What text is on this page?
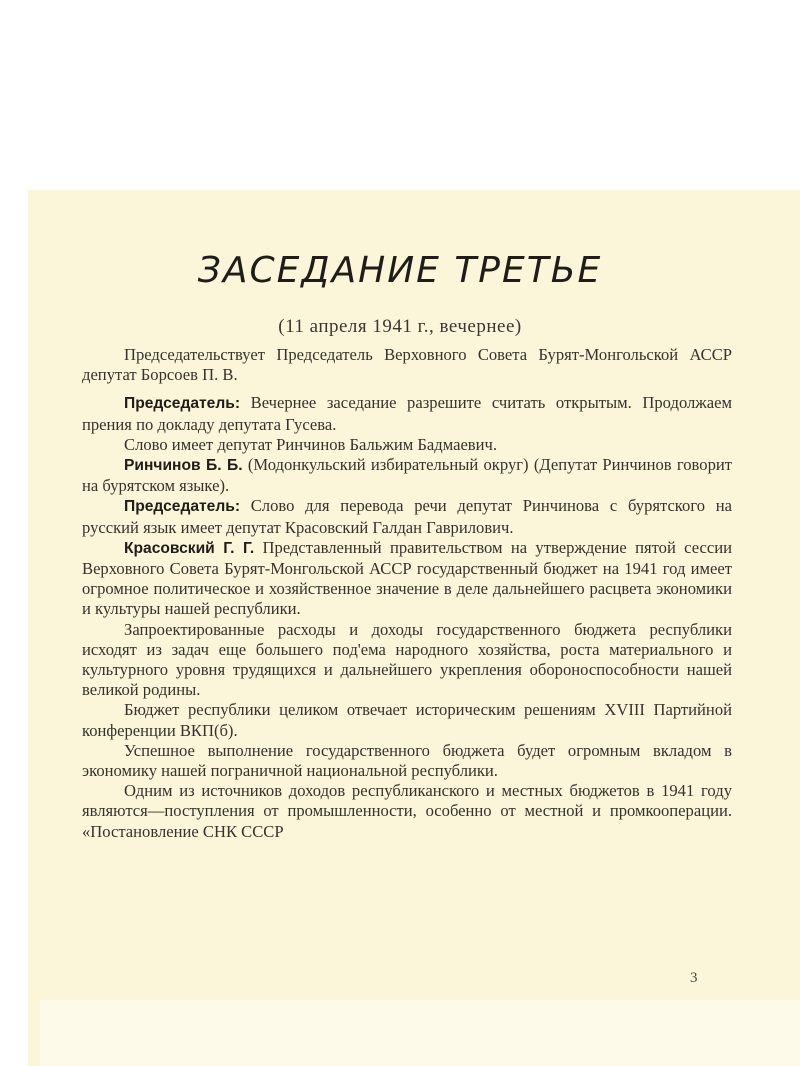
ЗАСЕДАНИЕ ТРЕТЬЕ
(11 апреля 1941 г., вечернее)

Председательствует Председатель Верховного Совета Бурят-Монгольской АССР депутат Борсоев П. В.

Председатель: Вечернее заседание разрешите считать открытым. Продолжаем прения по докладу депутата Гусева.

Слово имеет депутат Ринчинов Бальжим Бадмаевич.

Ринчинов Б. Б. (Модонкульский избирательный округ) (Депутат Ринчинов говорит на бурятском языке).

Председатель: Слово для перевода речи депутат Ринчинова с бурятского на русский язык имеет депутат Красовский Галдан Гаврилович.

Красовский Г. Г. Представленный правительством на утверждение пятой сессии Верховного Совета Бурят-Монгольской АССР государственный бюджет на 1941 год имеет огромное политическое и хозяйственное значение в деле дальнейшего расцвета экономики и культуры нашей республики.

Запроектированные расходы и доходы государственного бюджета республики исходят из задач еще большего под'ема народного хозяйства, роста материального и культурного уровня трудящихся и дальнейшего укрепления обороноспособности нашей великой родины.

Бюджет республики целиком отвечает историческим решениям XVIII Партийной конференции ВКП(б).

Успешное выполнение государственного бюджета будет огромным вкладом в экономику нашей пограничной национальной республики.

Одним из источников доходов республиканского и местных бюджетов в 1941 году являются—поступления от промышленности, особенно от местной и промкооперации. «Постановление СНК СССР

3
